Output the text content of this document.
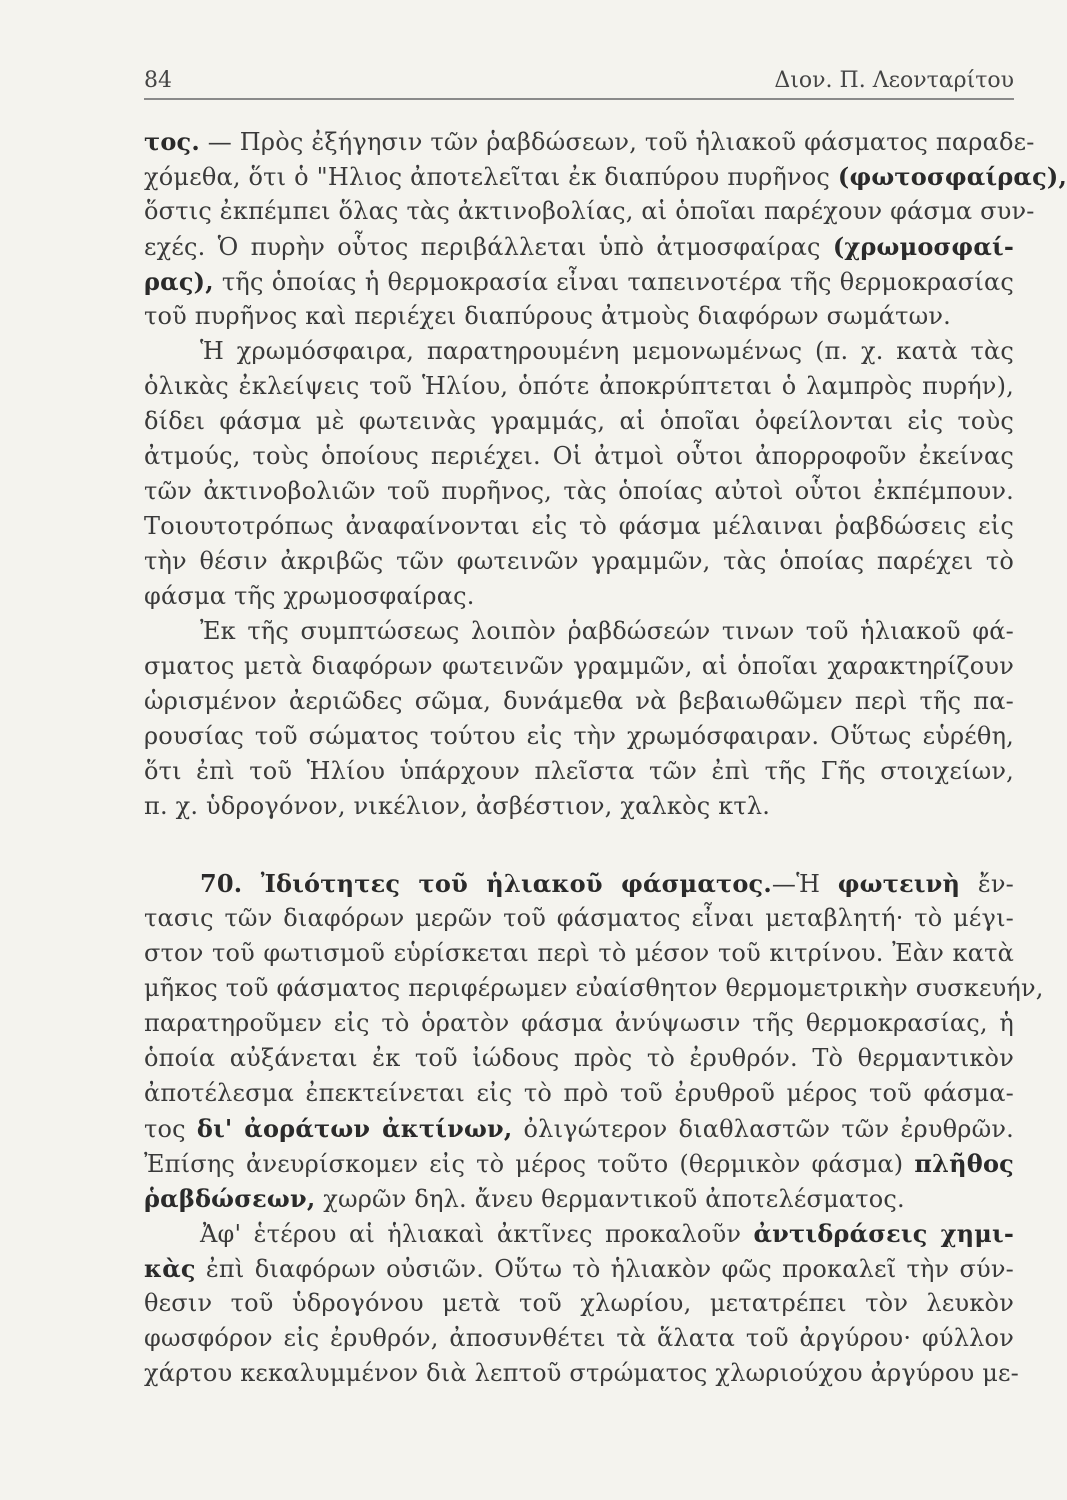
84	Διον. Π. Λεονταρίτου
τος. — Πρὸς ἐξήγησιν τῶν ῥαβδώσεων, τοῦ ἡλιακοῦ φάσματος παραδε-
χόμεθα, ὅτι ὁ "Ηλιος ἀποτελεῖται ἐκ διαπύρου πυρῆνος (φωτοσφαίρας),
ὅστις ἐκπέμπει ὅλας τὰς ἀκτινοβολίας, αἱ ὁποῖαι παρέχουν φάσμα συν-
εχές. Ὁ πυρὴν οὗτος περιβάλλεται ὑπὸ ἀτμοσφαίρας (χρωμοσφαί-
ρας), τῆς ὁποίας ἡ θερμοκρασία εἶναι ταπεινοτέρα τῆς θερμοκρασίας
τοῦ πυρῆνος καὶ περιέχει διαπύρους ἀτμοὺς διαφόρων σωμάτων.
Ἡ χρωμόσφαιρα, παρατηρουμένη μεμονωμένως (π. χ. κατὰ τὰς
ὁλικὰς ἐκλείψεις τοῦ Ἡλίου, ὁπότε ἀποκρύπτεται ὁ λαμπρὸς πυρήν),
δίδει φάσμα μὲ φωτεινὰς γραμμάς, αἱ ὁποῖαι ὀφείλονται εἰς τοὺς
ἀτμούς, τοὺς ὁποίους περιέχει. Οἱ ἀτμοὶ οὗτοι ἀπορροφοῦν ἐκείνας
τῶν ἀκτινοβολιῶν τοῦ πυρῆνος, τὰς ὁποίας αὐτοὶ οὗτοι ἐκπέμπουν.
Τοιουτοτρόπως ἀναφαίνονται εἰς τὸ φάσμα μέλαιναι ῥαβδώσεις εἰς
τὴν θέσιν ἀκριβῶς τῶν φωτεινῶν γραμμῶν, τὰς ὁποίας παρέχει τὸ
φάσμα τῆς χρωμοσφαίρας.
Ἐκ τῆς συμπτώσεως λοιπὸν ῥαβδώσεών τινων τοῦ ἡλιακοῦ φά-
σματος μετὰ διαφόρων φωτεινῶν γραμμῶν, αἱ ὁποῖαι χαρακτηρίζουν
ὡρισμένον ἀεριῶδες σῶμα, δυνάμεθα νὰ βεβαιωθῶμεν περὶ τῆς πα-
ρουσίας τοῦ σώματος τούτου εἰς τὴν χρωμόσφαιραν. Οὕτως εὑρέθη,
ὅτι ἐπὶ τοῦ Ἡλίου ὑπάρχουν πλεῖστα τῶν ἐπὶ τῆς Γῆς στοιχείων,
π. χ. ὑδρογόνον, νικέλιον, ἀσβέστιον, χαλκὸς κτλ.
70. Ἰδιότητες τοῦ ἡλιακοῦ φάσματος.—Ἡ φωτεινὴ ἔν-
τασις τῶν διαφόρων μερῶν τοῦ φάσματος εἶναι μεταβλητή· τὸ μέγι-
στον τοῦ φωτισμοῦ εὑρίσκεται περὶ τὸ μέσον τοῦ κιτρίνου. Ἐὰν κατὰ
μῆκος τοῦ φάσματος περιφέρωμεν εὐαίσθητον θερμομετρικὴν συσκευήν,
παρατηροῦμεν εἰς τὸ ὁρατὸν φάσμα ἀνύψωσιν τῆς θερμοκρασίας, ἡ
ὁποία αὐξάνεται ἐκ τοῦ ἰώδους πρὸς τὸ ἐρυθρόν. Τὸ θερμαντικὸν
ἀποτέλεσμα ἐπεκτείνεται εἰς τὸ πρὸ τοῦ ἐρυθροῦ μέρος τοῦ φάσμα-
τος δι' ἀοράτων ἀκτίνων, ὀλιγώτερον διαθλαστῶν τῶν ἐρυθρῶν.
Ἐπίσης ἀνευρίσκομεν εἰς τὸ μέρος τοῦτο (θερμικὸν φάσμα) πλῆθος
ῥαβδώσεων, χωρῶν δηλ. ἄνευ θερμαντικοῦ ἀποτελέσματος.
Ἀφ' ἑτέρου αἱ ἡλιακαὶ ἀκτῖνες προκαλοῦν ἀντιδράσεις χημι-
κὰς ἐπὶ διαφόρων οὐσιῶν. Οὕτω τὸ ἡλιακὸν φῶς προκαλεῖ τὴν σύν-
θεσιν τοῦ ὑδρογόνου μετὰ τοῦ χλωρίου, μετατρέπει τὸν λευκὸν
φωσφόρον εἰς ἐρυθρόν, ἀποσυνθέτει τὰ ἅλατα τοῦ ἀργύρου· φύλλον
χάρτου κεκαλυμμένον διὰ λεπτοῦ στρώματος χλωριούχου ἀργύρου με-
